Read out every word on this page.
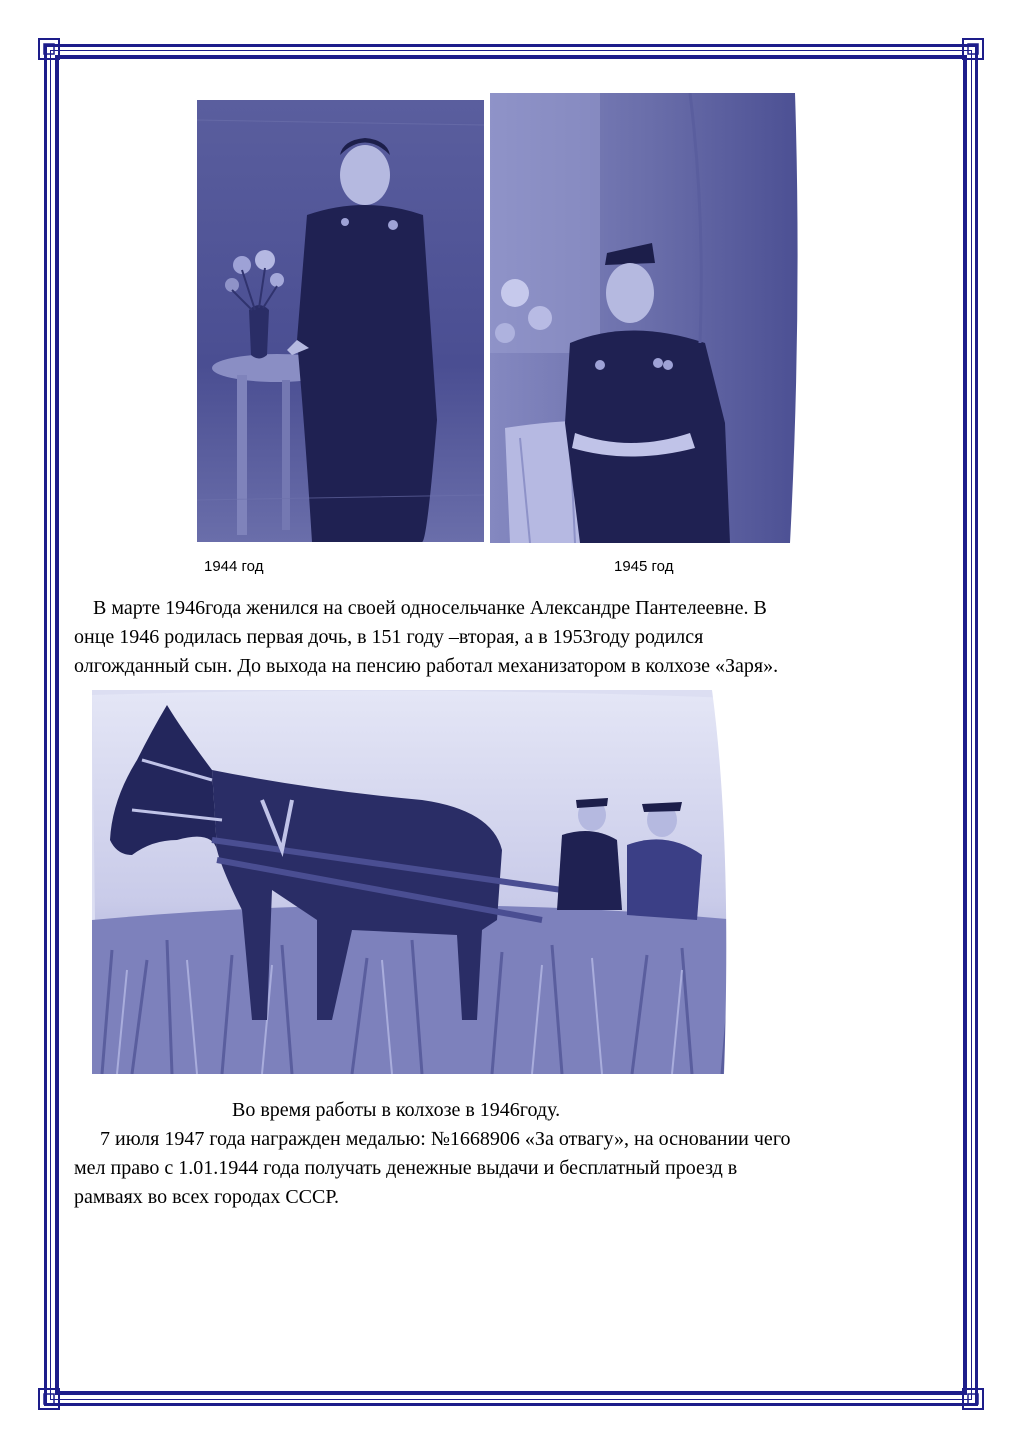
1944 год	1945 год
В марте 1946года женился на своей односельчанке Александре Пантелеевне. В
онце 1946 родилась первая дочь, в 151 году –вторая, а в 1953году родился
олгожданный сын. До выхода на пенсию работал механизатором в колхозе «Заря».
Во время работы в колхозе в 1946году.
7 июля 1947 года награжден медалью: №1668906 «За отвагу», на основании чего
мел право с 1.01.1944 года получать денежные выдачи и бесплатный проезд в
рамваях во всех городах СССР.
